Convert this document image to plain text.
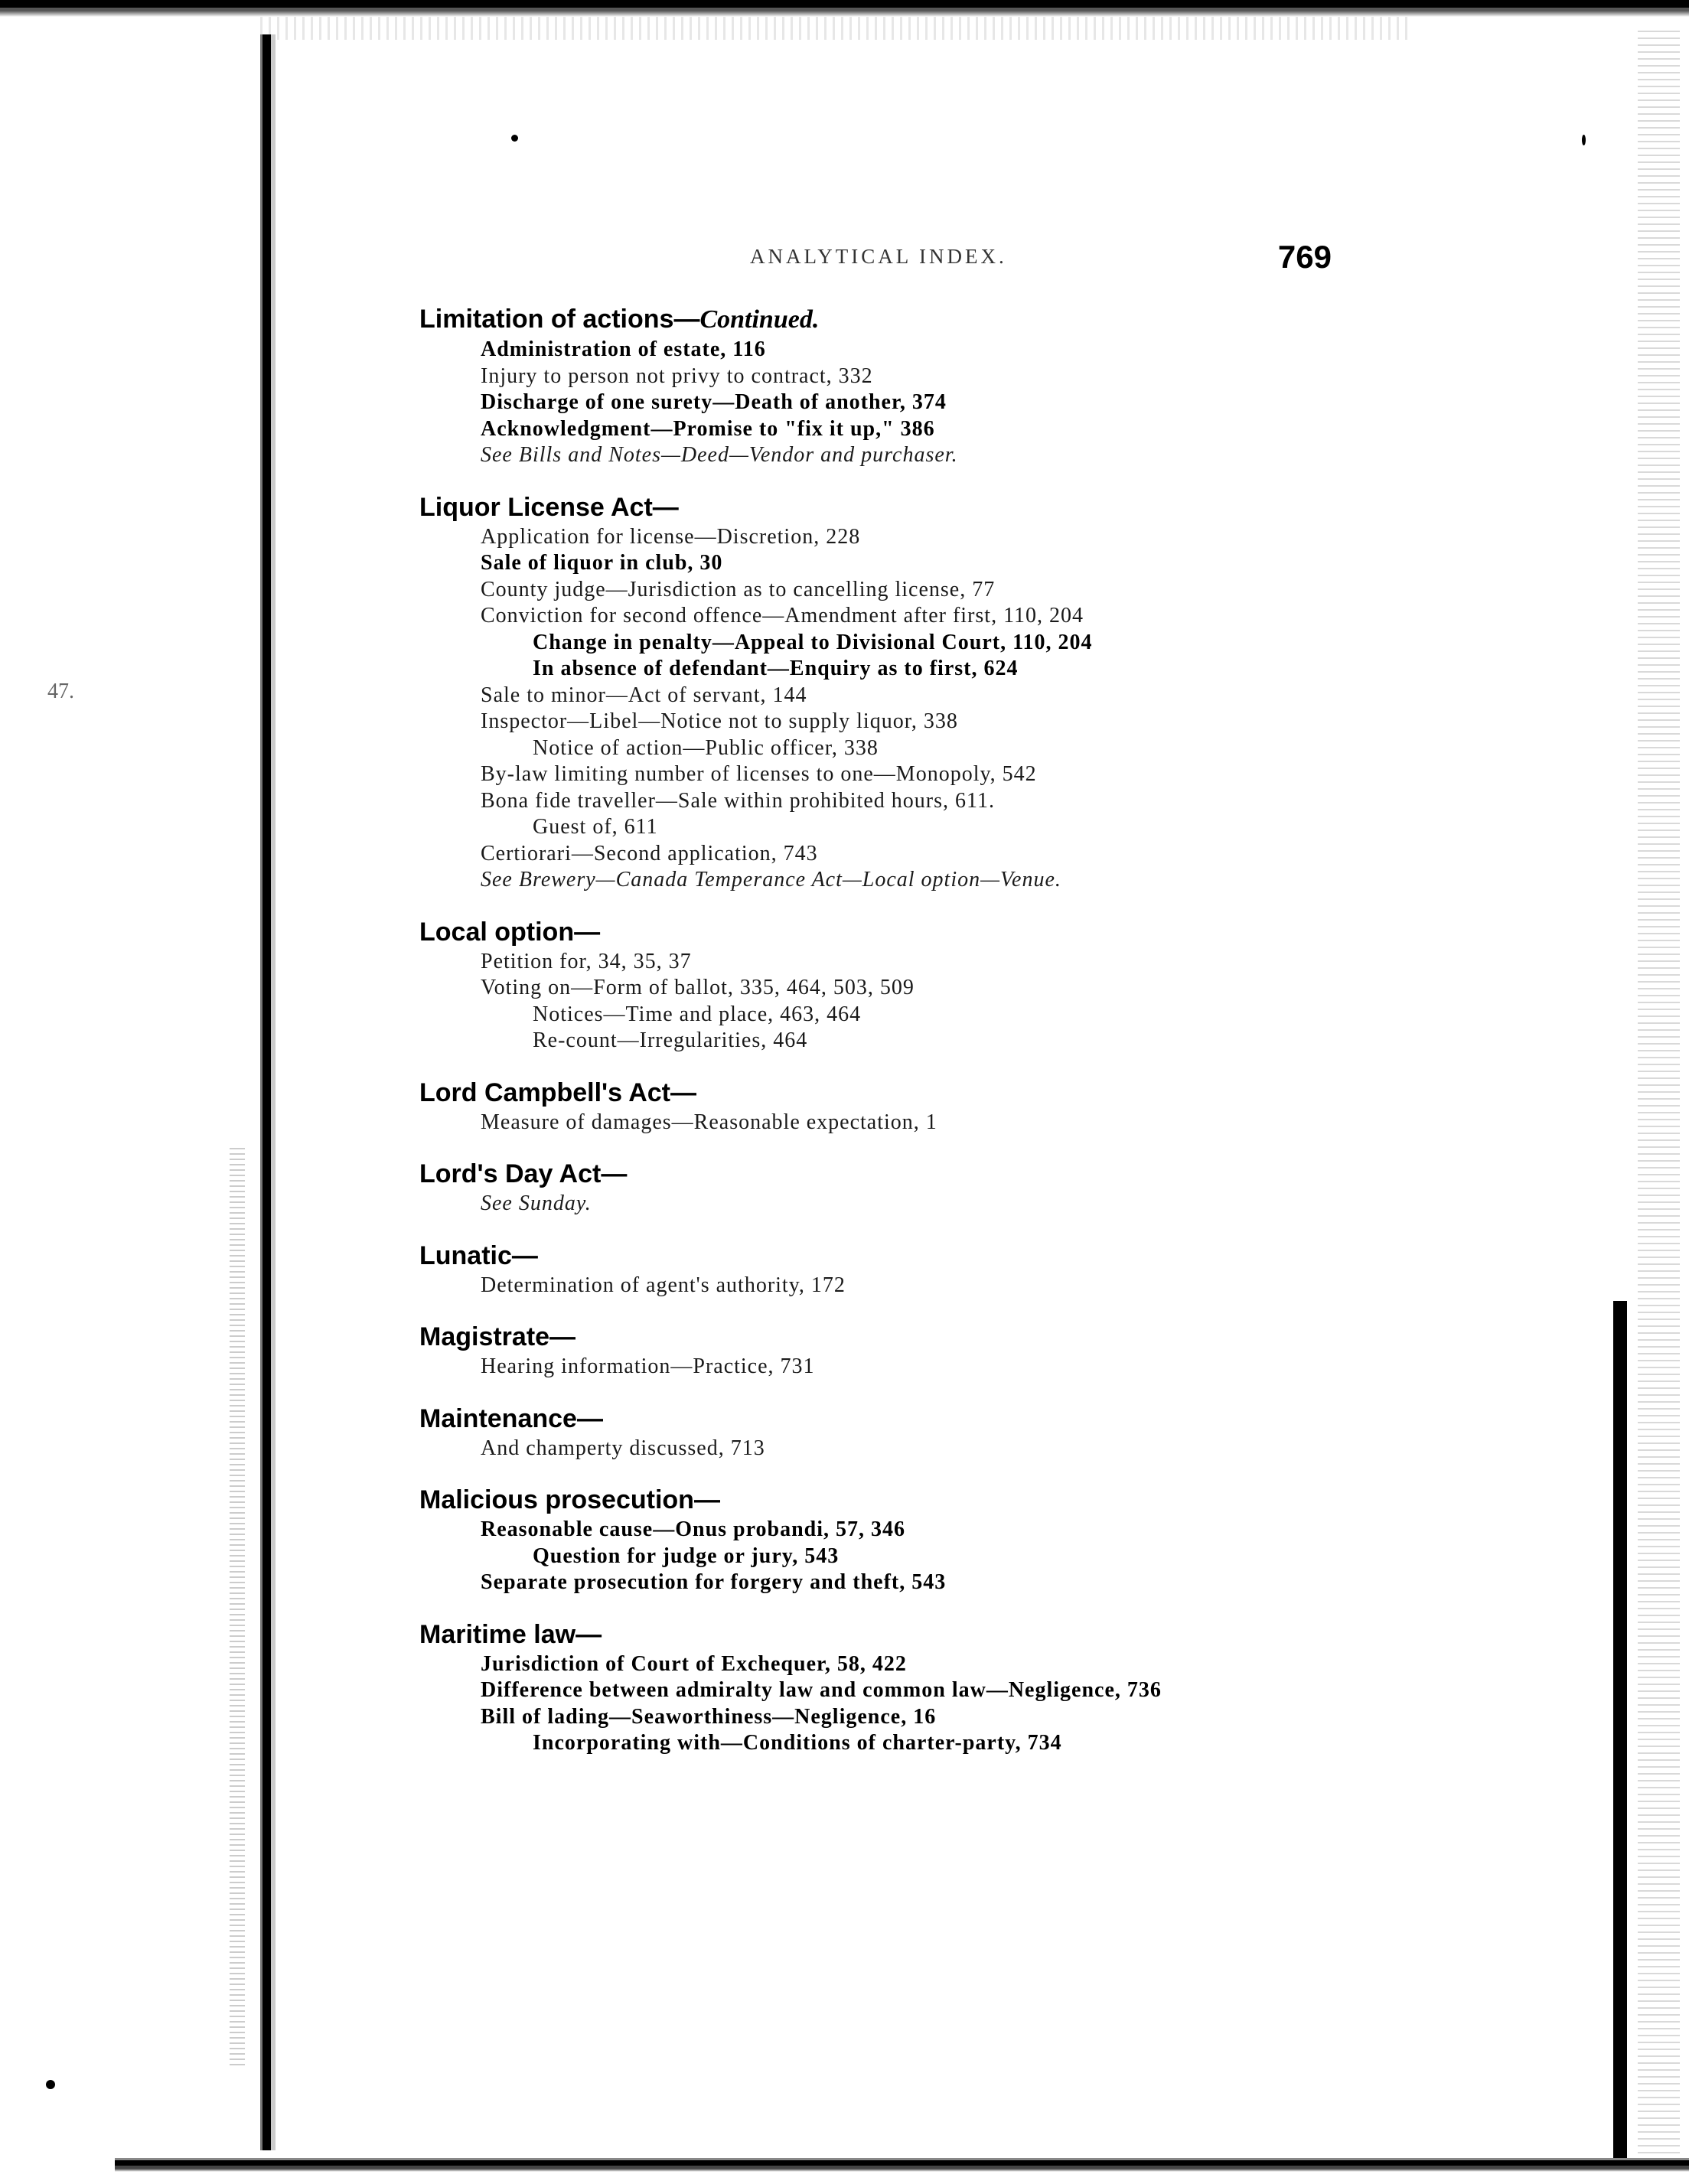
47.
ANALYTICAL INDEX.	769
Limitation of actions—Continued.
Administration of estate, 116
Injury to person not privy to contract, 332
Discharge of one surety—Death of another, 374
Acknowledgment—Promise to "fix it up," 386
See Bills and Notes—Deed—Vendor and purchaser.
Liquor License Act—
Application for license—Discretion, 228
Sale of liquor in club, 30
County judge—Jurisdiction as to cancelling license, 77
Conviction for second offence—Amendment after first, 110, 204
Change in penalty—Appeal to Divisional Court, 110, 204
In absence of defendant—Enquiry as to first, 624
Sale to minor—Act of servant, 144
Inspector—Libel—Notice not to supply liquor, 338
Notice of action—Public officer, 338
By-law limiting number of licenses to one—Monopoly, 542
Bona fide traveller—Sale within prohibited hours, 611.
Guest of, 611
Certiorari—Second application, 743
See Brewery—Canada Temperance Act—Local option—Venue.
Local option—
Petition for, 34, 35, 37
Voting on—Form of ballot, 335, 464, 503, 509
Notices—Time and place, 463, 464
Re-count—Irregularities, 464
Lord Campbell's Act—
Measure of damages—Reasonable expectation, 1
Lord's Day Act—
See Sunday.
Lunatic—
Determination of agent's authority, 172
Magistrate—
Hearing information—Practice, 731
Maintenance—
And champerty discussed, 713
Malicious prosecution—
Reasonable cause—Onus probandi, 57, 346
Question for judge or jury, 543
Separate prosecution for forgery and theft, 543
Maritime law—
Jurisdiction of Court of Exchequer, 58, 422
Difference between admiralty law and common law—Negligence, 736
Bill of lading—Seaworthiness—Negligence, 16
Incorporating with—Conditions of charter-party, 734
